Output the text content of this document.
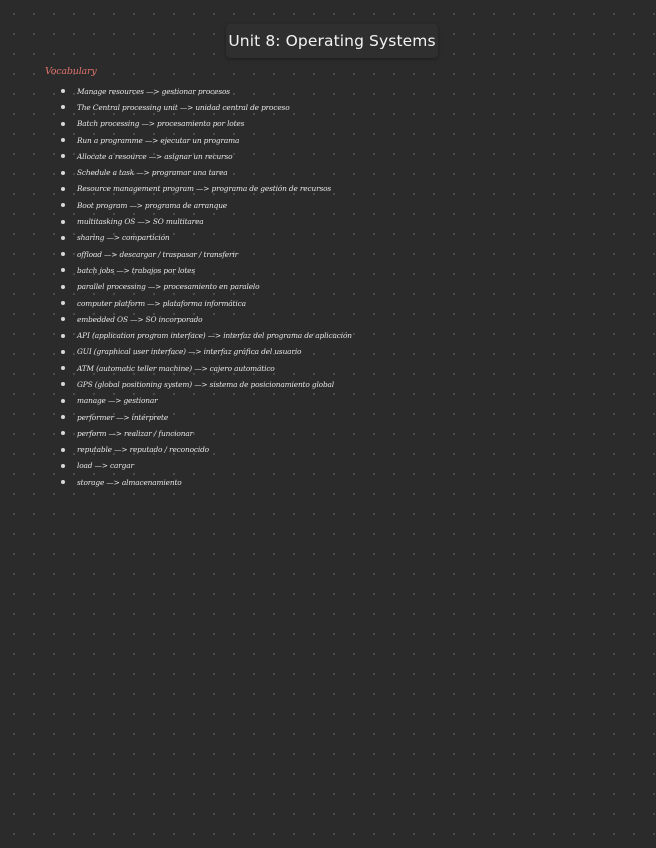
Unit 8: Operating Systems
Vocabulary
Manage resources —> gestionar procesos
The Central processing unit —> unidad central de proceso
Batch processing —> procesamiento por lotes
Run a programme —> ejecutar un programa
Allocate a resource —> asignar un recurso
Schedule a task —> programar una tarea
Resource management program —> programa de gestión de recursos
Boot program —> programa de arranque
multitasking OS —> SO multitarea
sharing —> compartición
offload —> descargar / traspasar / transferir
batch jobs —> trabajos por lotes
parallel processing —> procesamiento en paralelo
computer platform —> plataforma informática
embedded OS —> SO incorporado
API (application program interface) —> interfaz del programa de aplicación
GUI (graphical user interface) —> interfaz gráfica del usuario
ATM (automatic teller machine) —> cajero automático
GPS (global positioning system) —> sistema de posicionamiento global
manage —> gestionar
performer —> intérprete
perform —> realizar / funcionar
reputable —> reputado / reconocido
load —> cargar
storage —> almacenamiento
